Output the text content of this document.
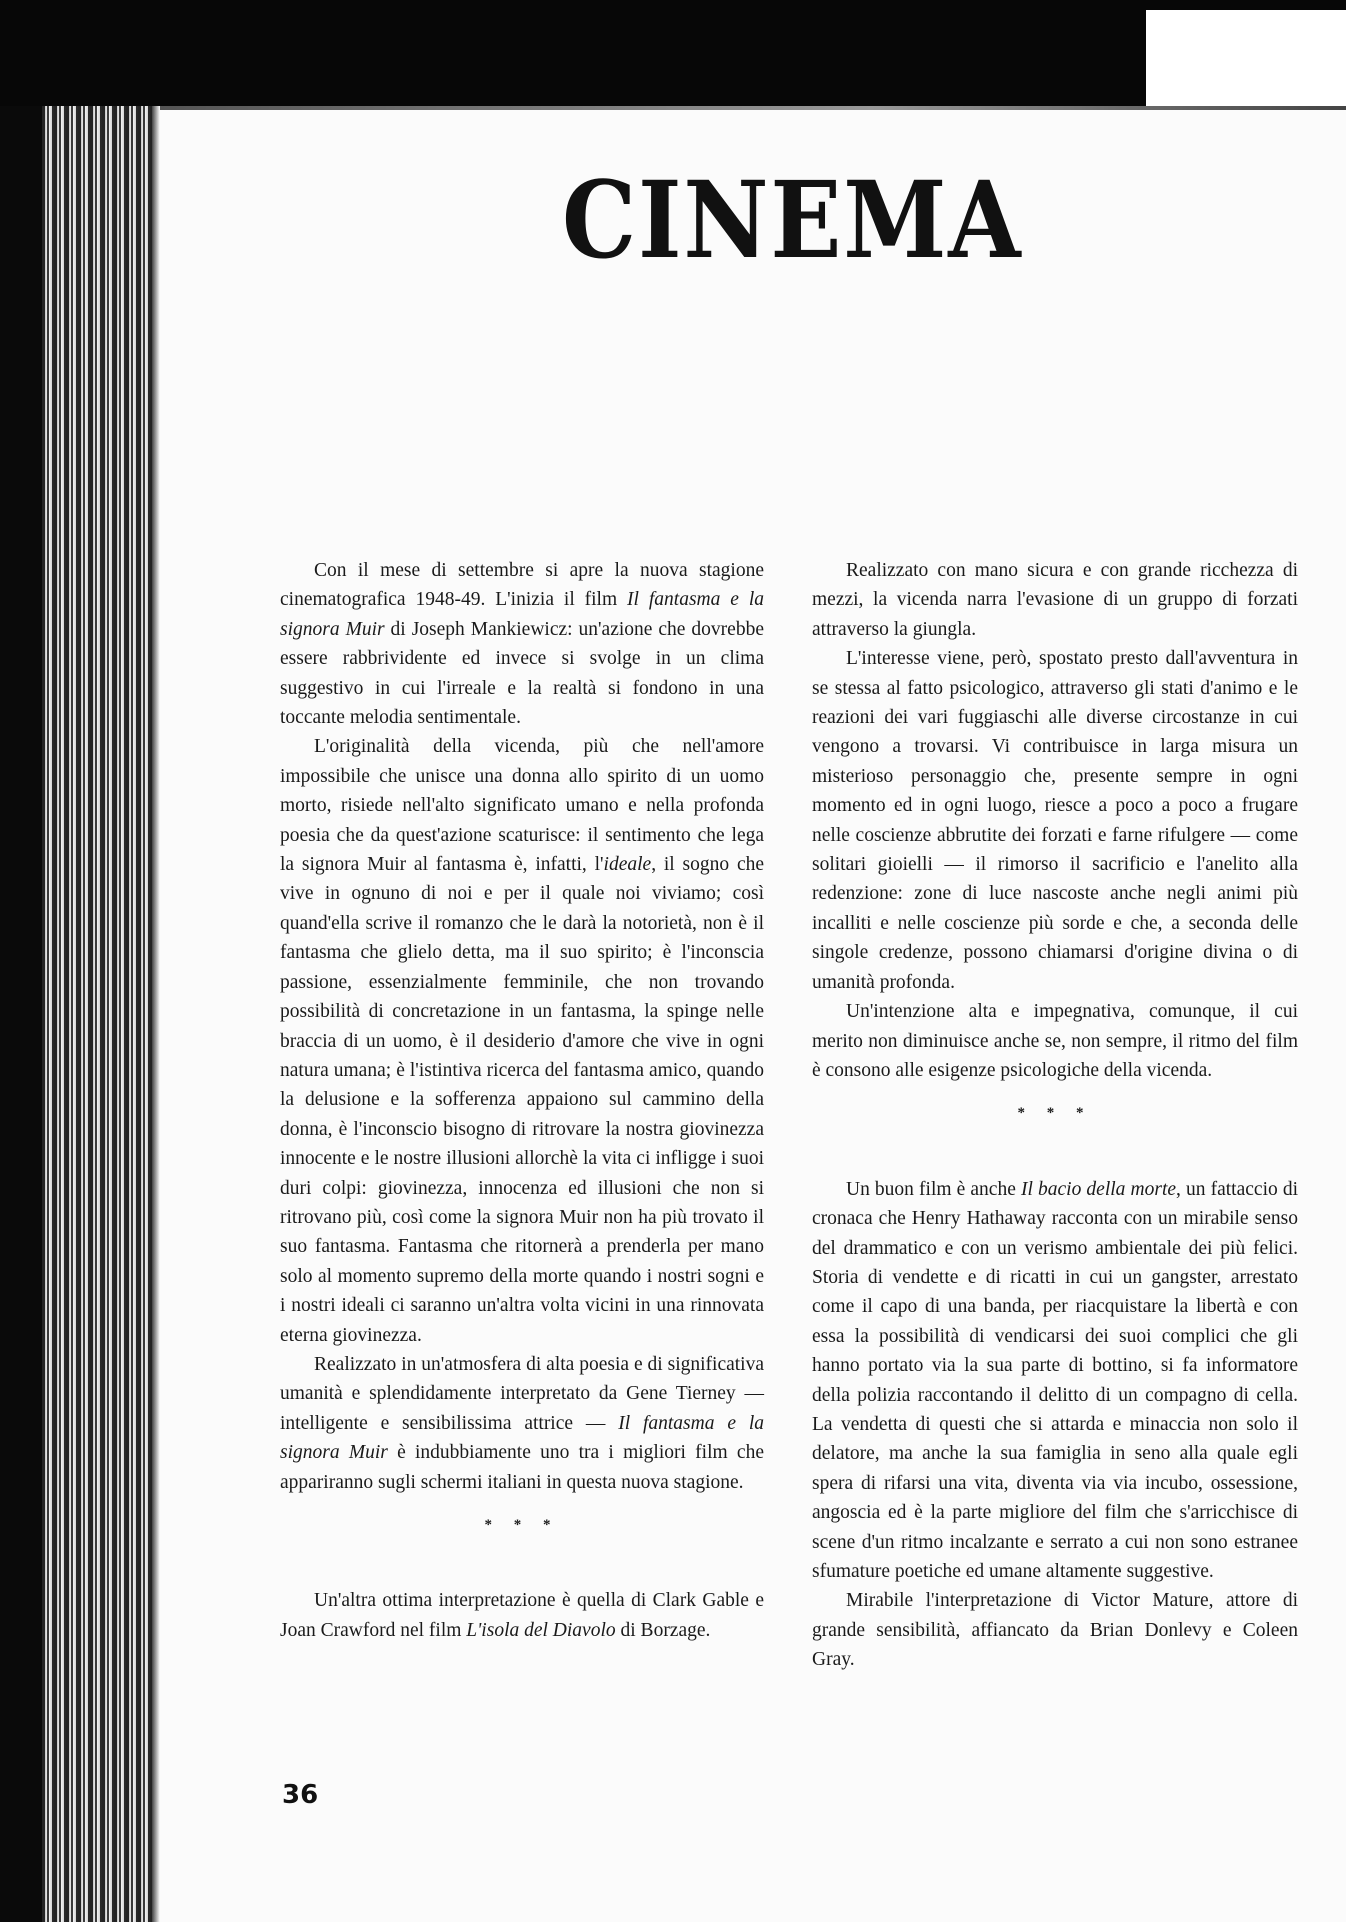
CINEMA

Con il mese di settembre si apre la nuova stagione cinematografica 1948-49. L'inizia il film Il fantasma e la signora Muir di Joseph Mankiewicz: un'azione che dovrebbe essere rabbrividente ed invece si svolge in un clima suggestivo in cui l'irreale e la realtà si fondono in una toccante melodia sentimentale.

L'originalità della vicenda, più che nell'amore impossibile che unisce una donna allo spirito di un uomo morto, risiede nell'alto significato umano e nella profonda poesia che da quest'azione scaturisce: il sentimento che lega la signora Muir al fantasma è, infatti, l'ideale, il sogno che vive in ognuno di noi e per il quale noi viviamo; così quand'ella scrive il romanzo che le darà la notorietà, non è il fantasma che glielo detta, ma il suo spirito; è l'inconscia passione, essenzialmente femminile, che non trovando possibilità di concretazione in un fantasma, la spinge nelle braccia di un uomo, è il desiderio d'amore che vive in ogni natura umana; è l'istintiva ricerca del fantasma amico, quando la delusione e la sofferenza appaiono sul cammino della donna, è l'inconscio bisogno di ritrovare la nostra giovinezza innocente e le nostre illusioni allorchè la vita ci infligge i suoi duri colpi: giovinezza, innocenza ed illusioni che non si ritrovano più, così come la signora Muir non ha più trovato il suo fantasma. Fantasma che ritornerà a prenderla per mano solo al momento supremo della morte quando i nostri sogni e i nostri ideali ci saranno un'altra volta vicini in una rinnovata eterna giovinezza.

Realizzato in un'atmosfera di alta poesia e di significativa umanità e splendidamente interpretato da Gene Tierney — intelligente e sensibilissima attrice — Il fantasma e la signora Muir è indubbiamente uno tra i migliori film che appariranno sugli schermi italiani in questa nuova stagione.

* * *

Un'altra ottima interpretazione è quella di Clark Gable e Joan Crawford nel film L'isola del Diavolo di Borzage.

Realizzato con mano sicura e con grande ricchezza di mezzi, la vicenda narra l'evasione di un gruppo di forzati attraverso la giungla.

L'interesse viene, però, spostato presto dall'avventura in se stessa al fatto psicologico, attraverso gli stati d'animo e le reazioni dei vari fuggiaschi alle diverse circostanze in cui vengono a trovarsi. Vi contribuisce in larga misura un misterioso personaggio che, presente sempre in ogni momento ed in ogni luogo, riesce a poco a poco a frugare nelle coscienze abbrutite dei forzati e farne rifulgere — come solitari gioielli — il rimorso il sacrificio e l'anelito alla redenzione: zone di luce nascoste anche negli animi più incalliti e nelle coscienze più sorde e che, a seconda delle singole credenze, possono chiamarsi d'origine divina o di umanità profonda.

Un'intenzione alta e impegnativa, comunque, il cui merito non diminuisce anche se, non sempre, il ritmo del film è consono alle esigenze psicologiche della vicenda.

* * *

Un buon film è anche Il bacio della morte, un fattaccio di cronaca che Henry Hathaway racconta con un mirabile senso del drammatico e con un verismo ambientale dei più felici. Storia di vendette e di ricatti in cui un gangster, arrestato come il capo di una banda, per riacquistare la libertà e con essa la possibilità di vendicarsi dei suoi complici che gli hanno portato via la sua parte di bottino, si fa informatore della polizia raccontando il delitto di un compagno di cella. La vendetta di questi che si attarda e minaccia non solo il delatore, ma anche la sua famiglia in seno alla quale egli spera di rifarsi una vita, diventa via via incubo, ossessione, angoscia ed è la parte migliore del film che s'arricchisce di scene d'un ritmo incalzante e serrato a cui non sono estranee sfumature poetiche ed umane altamente suggestive.

Mirabile l'interpretazione di Victor Mature, attore di grande sensibilità, affiancato da Brian Donlevy e Coleen Gray.

36
